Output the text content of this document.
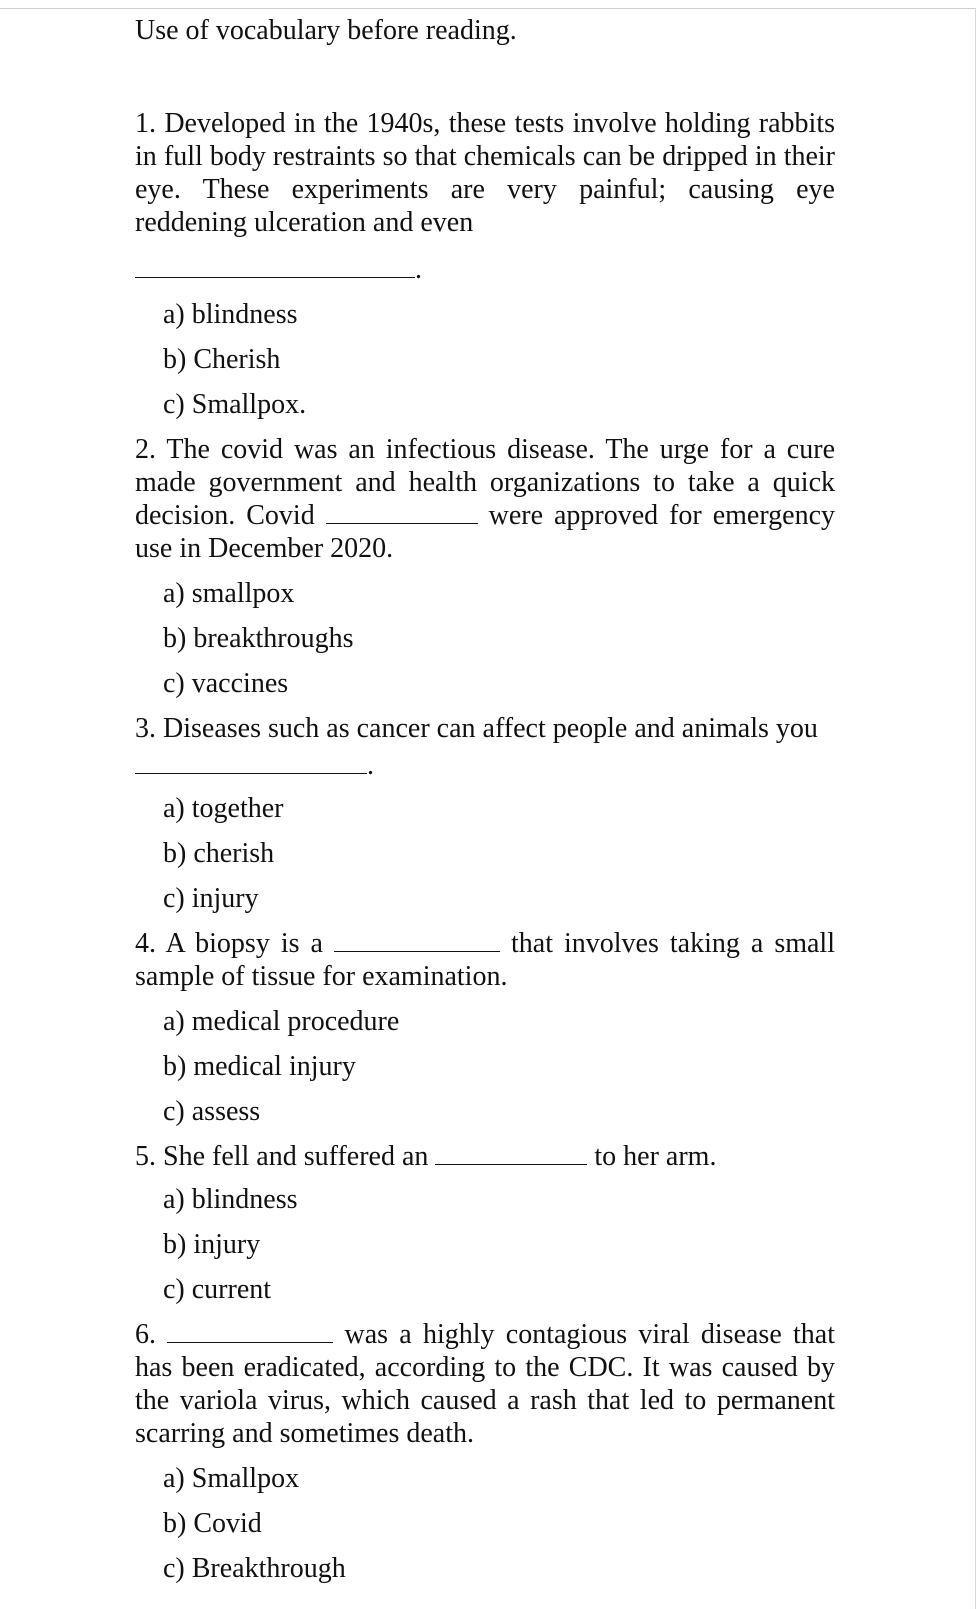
Use of vocabulary before reading.

1. Developed in the 1940s, these tests involve holding rabbits in full body restraints so that chemicals can be dripped in their eye. These experiments are very painful; causing eye reddening ulceration and even

.
a) blindness
b) Cherish
c) Smallpox.

2. The covid was an infectious disease. The urge for a cure made government and health organizations to take a quick decision. Covid	were approved for emergency use in December 2020.

a) smallpox
b) breakthroughs
c) vaccines

3. Diseases such as cancer can affect people and animals you

.
a) together
b) cherish
c) injury

4. A biopsy is a	that involves taking a small sample of tissue for examination.

a) medical procedure
b) medical injury
c) assess

5. She fell and suffered an	to her arm.

a) blindness
b) injury
c) current

6.	was a highly contagious viral disease that has been eradicated, according to the CDC. It was caused by the variola virus, which caused a rash that led to permanent scarring and sometimes death.

a) Smallpox
b) Covid
c) Breakthrough
